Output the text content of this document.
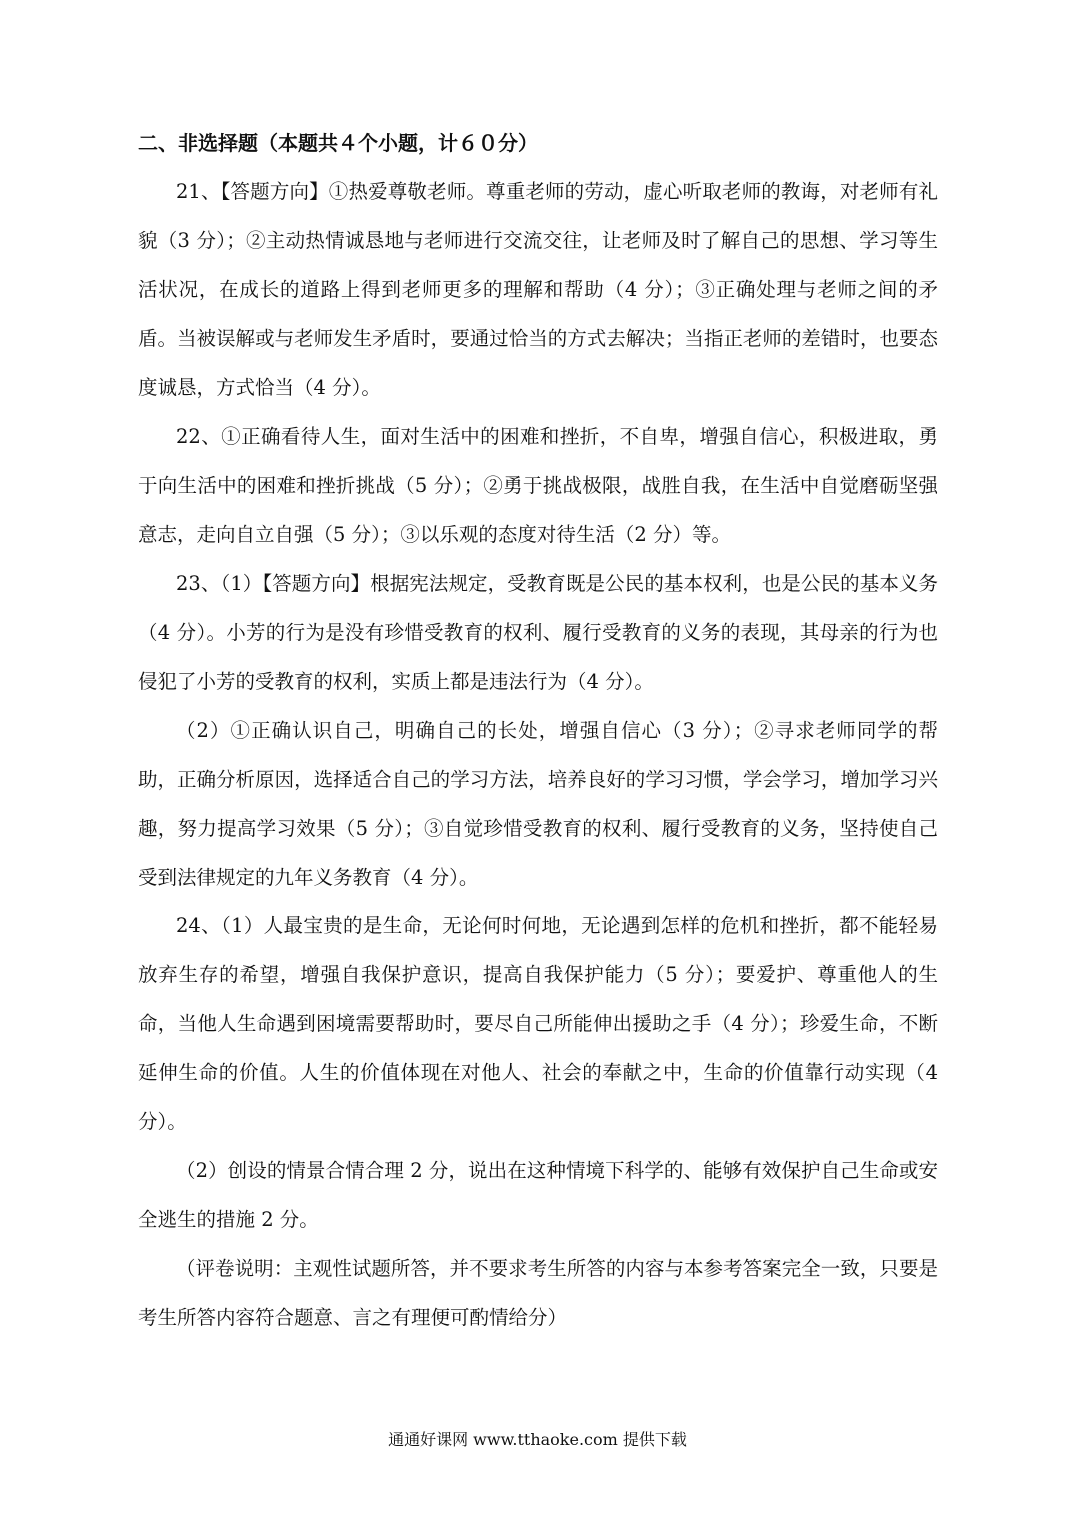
二、非选择题（本题共４个小题，计６０分）
21、【答题方向】①热爱尊敬老师。尊重老师的劳动，虚心听取老师的教诲，对老师有礼貌（3 分）；②主动热情诚恳地与老师进行交流交往，让老师及时了解自己的思想、学习等生活状况，在成长的道路上得到老师更多的理解和帮助（4 分）；③正确处理与老师之间的矛盾。当被误解或与老师发生矛盾时，要通过恰当的方式去解决；当指正老师的差错时，也要态度诚恳，方式恰当（4 分）。
22、①正确看待人生，面对生活中的困难和挫折，不自卑，增强自信心，积极进取，勇于向生活中的困难和挫折挑战（5 分）；②勇于挑战极限，战胜自我，在生活中自觉磨砺坚强意志，走向自立自强（5 分）；③以乐观的态度对待生活（2 分）等。
23、（1）【答题方向】根据宪法规定，受教育既是公民的基本权利，也是公民的基本义务（4 分）。小芳的行为是没有珍惜受教育的权利、履行受教育的义务的表现，其母亲的行为也侵犯了小芳的受教育的权利，实质上都是违法行为（4 分）。
（2）①正确认识自己，明确自己的长处，增强自信心（3 分）；②寻求老师同学的帮助，正确分析原因，选择适合自己的学习方法，培养良好的学习习惯，学会学习，增加学习兴趣，努力提高学习效果（5 分）；③自觉珍惜受教育的权利、履行受教育的义务，坚持使自己受到法律规定的九年义务教育（4 分）。
24、（1）人最宝贵的是生命，无论何时何地，无论遇到怎样的危机和挫折，都不能轻易放弃生存的希望，增强自我保护意识，提高自我保护能力（5 分）；要爱护、尊重他人的生命，当他人生命遇到困境需要帮助时，要尽自己所能伸出援助之手（4 分）；珍爱生命，不断延伸生命的价值。人生的价值体现在对他人、社会的奉献之中，生命的价值靠行动实现（4 分）。
（2）创设的情景合情合理 2 分，说出在这种情境下科学的、能够有效保护自己生命或安全逃生的措施 2 分。
（评卷说明：主观性试题所答，并不要求考生所答的内容与本参考答案完全一致，只要是考生所答内容符合题意、言之有理便可酌情给分）
通通好课网 www.tthaoke.com 提供下载
